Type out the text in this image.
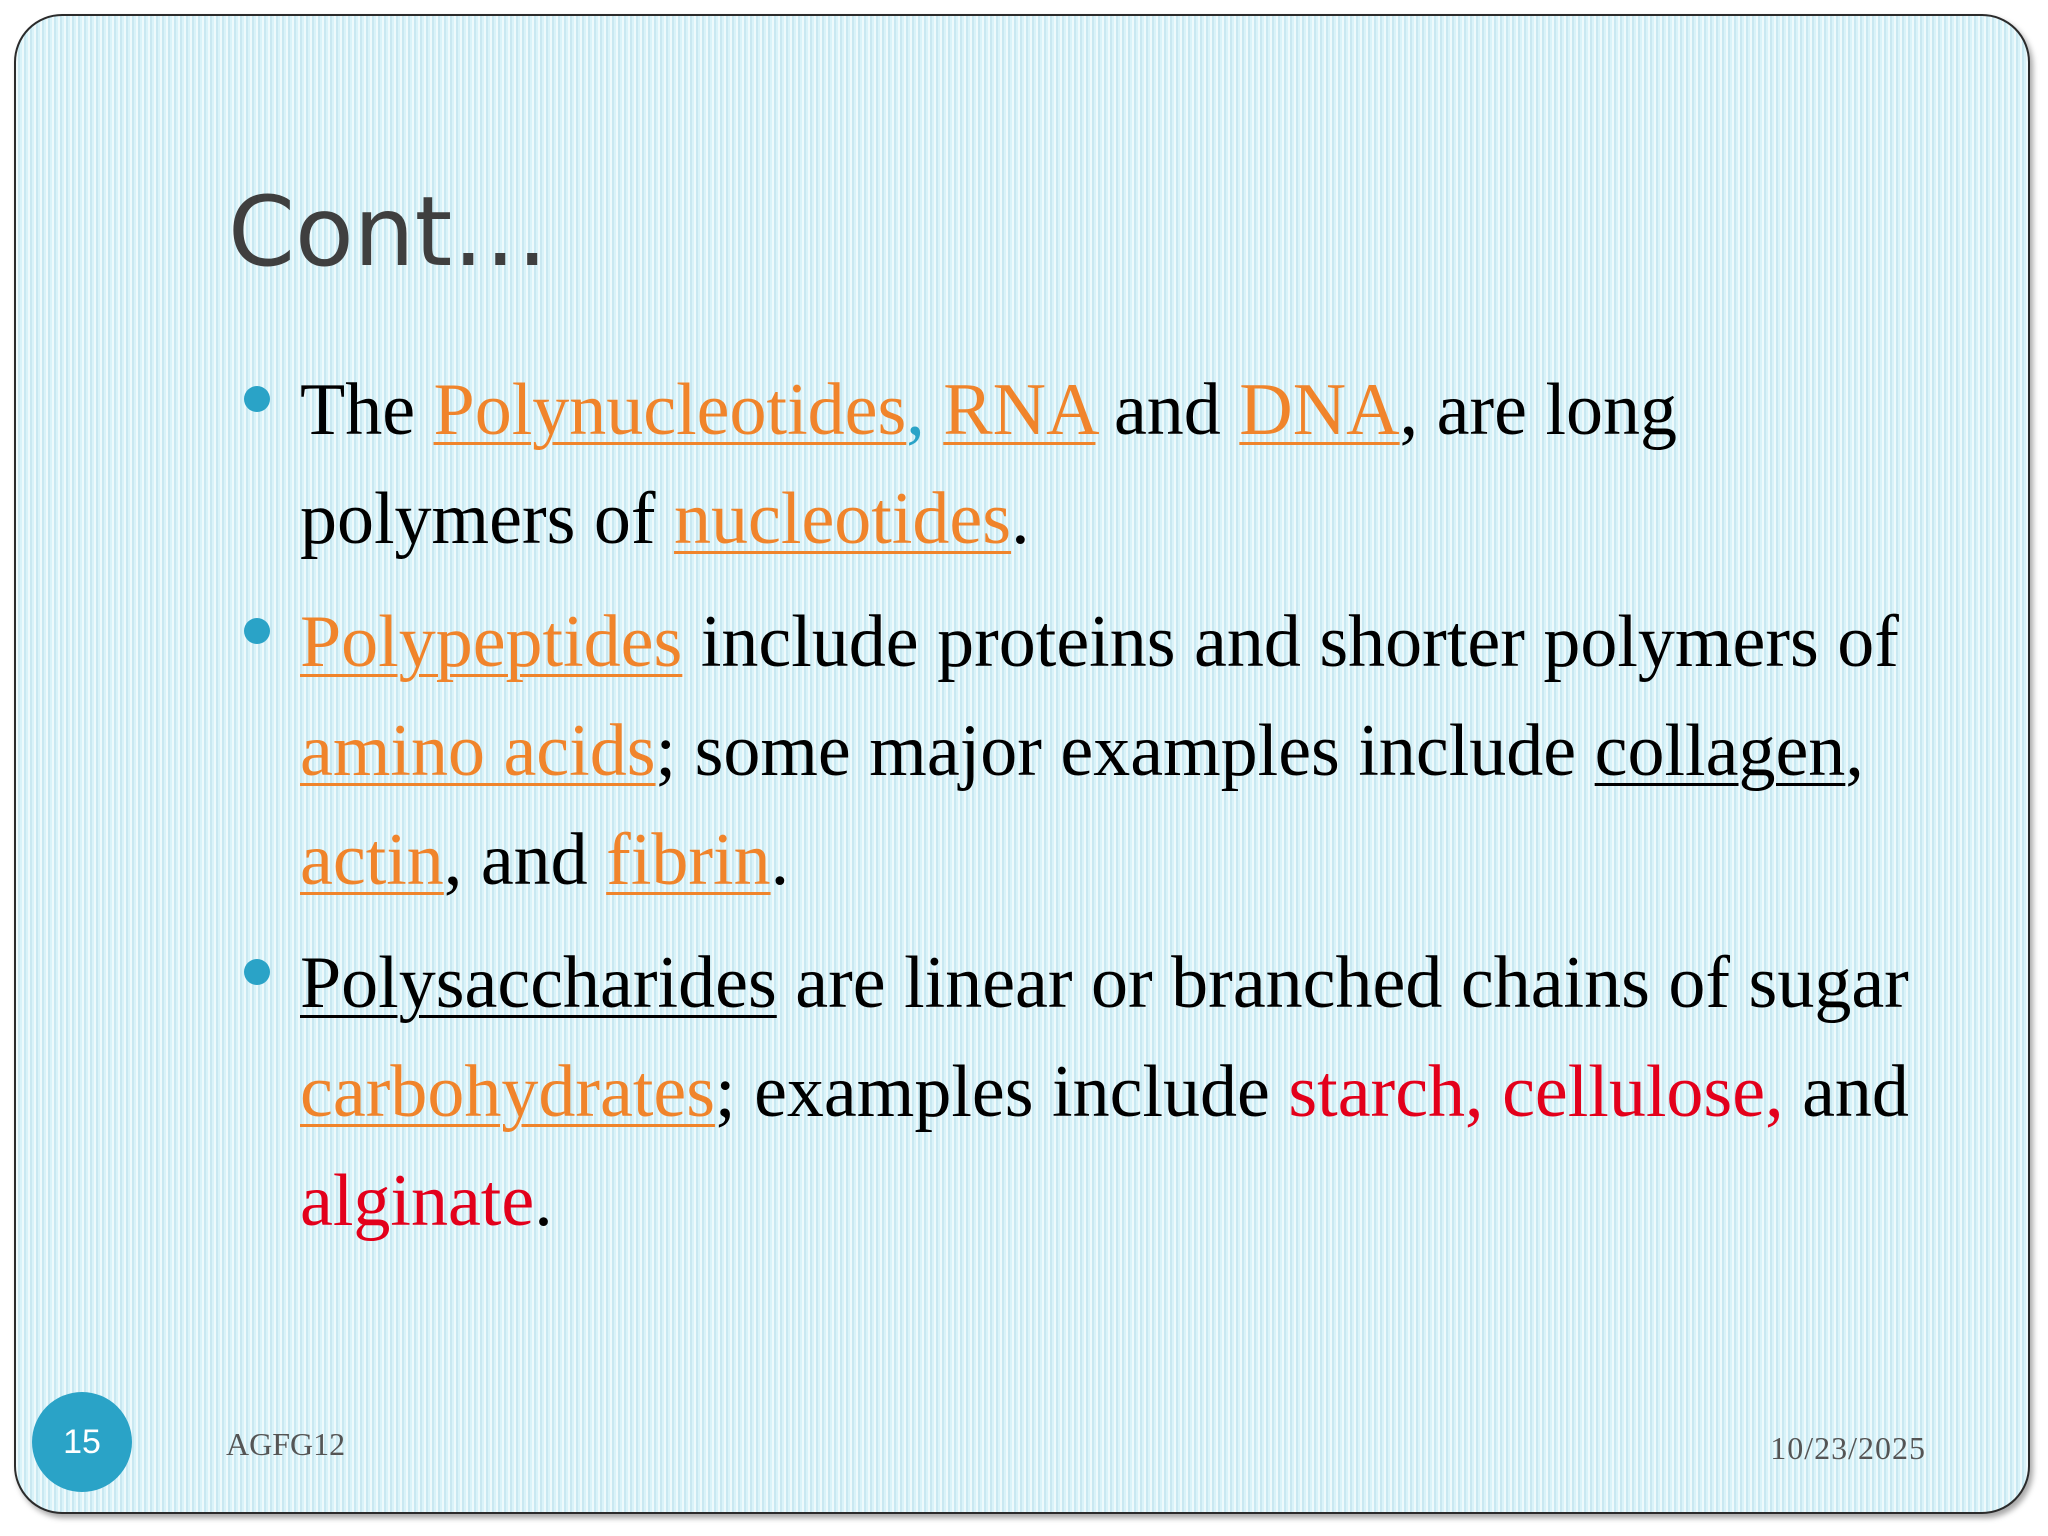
Cont…
The Polynucleotides, RNA and DNA, are long polymers of nucleotides.
Polypeptides include proteins and shorter polymers of amino acids; some major examples include collagen, actin, and fibrin.
Polysaccharides are linear or branched chains of sugar carbohydrates; examples include starch, cellulose, and alginate.
15	AGFG12	10/23/2025
